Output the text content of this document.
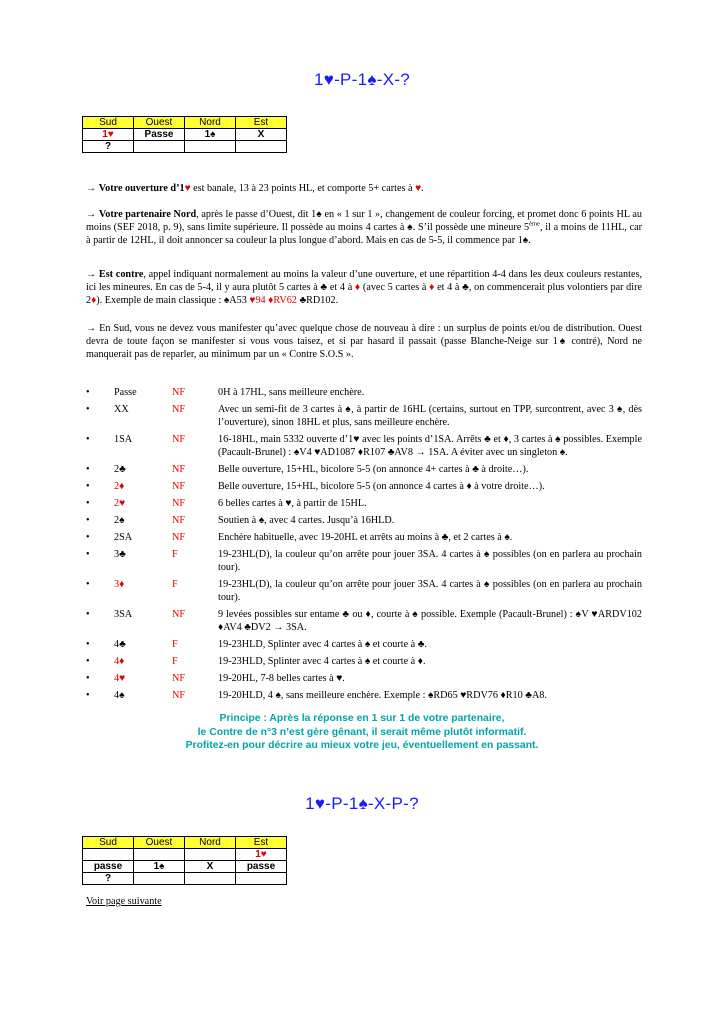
1♥-P-1♠-X-?
Sud	Ouest	Nord	Est
1♥	Passe	1♠	X
?			
→ Votre ouverture d’1♥ est banale, 13 à 23 points HL, et comporte 5+ cartes à ♥.
→ Votre partenaire Nord, après le passe d’Ouest, dit 1♠ en « 1 sur 1 », changement de couleur forcing, et promet donc 6 points HL au moins (SEF 2018, p. 9), sans limite supérieure. Il possède au moins 4 cartes à ♠. S’il possède une mineure 5ème, il a moins de 11HL, car à partir de 12HL, il doit annoncer sa couleur la plus longue d’abord. Mais en cas de 5-5, il commence par 1♠.
→ Est contre, appel indiquant normalement au moins la valeur d’une ouverture, et une répartition 4-4 dans les deux couleurs restantes, ici les mineures. En cas de 5-4, il y aura plutôt 5 cartes à ♣ et 4 à ♦ (avec 5 cartes à ♦ et 4 à ♣, on commencerait plus volontiers par dire 2♦). Exemple de main classique : ♠A53 ♥94 ♦RV62 ♣RD102.
→ En Sud, vous ne devez vous manifester qu’avec quelque chose de nouveau à dire : un surplus de points et/ou de distribution. Ouest devra de toute façon se manifester si vous vous taisez, et si par hasard il passait (passe Blanche-Neige sur 1♠ contré), Nord ne manquerait pas de reparler, au minimum par un « Contre S.O.S ».
• Passe	NF	0H à 17HL, sans meilleure enchère.
• XX	NF	Avec un semi-fit de 3 cartes à ♠, à partir de 16HL (certains, surtout en TPP, surcontrent, avec 3 ♠, dès l’ouverture), sinon 18HL et plus, sans meilleure enchère.
• 1SA	NF	16-18HL, main 5332 ouverte d’1♥ avec les points d’1SA. Arrêts ♣ et ♦, 3 cartes à ♠ possibles. Exemple (Pacault-Brunel) : ♠V4 ♥AD1087 ♦R107 ♣AV8 → 1SA. A éviter avec un singleton ♠.
• 2♣	NF	Belle ouverture, 15+HL, bicolore 5-5 (on annonce 4+ cartes à ♣ à droite…).
• 2♦	NF	Belle ouverture, 15+HL, bicolore 5-5 (on annonce 4 cartes à ♦ à votre droite…).
• 2♥	NF	6 belles cartes à ♥, à partir de 15HL.
• 2♠	NF	Soutien à ♠, avec 4 cartes. Jusqu’à 16HLD.
• 2SA	NF	Enchère habituelle, avec 19-20HL et arrêts au moins à ♣, et 2 cartes à ♠.
• 3♣	F	19-23HL(D), la couleur qu’on arrête pour jouer 3SA. 4 cartes à ♠ possibles (on en parlera au prochain tour).
• 3♦	F	19-23HL(D), la couleur qu’on arrête pour jouer 3SA. 4 cartes à ♠ possibles (on en parlera au prochain tour).
• 3SA	NF	9 levées possibles sur entame ♣ ou ♦, courte à ♠ possible. Exemple (Pacault-Brunel) : ♠V ♥ARDV102 ♦AV4 ♣DV2 → 3SA.
• 4♣	F	19-23HLD, Splinter avec 4 cartes à ♠ et courte à ♣.
• 4♦	F	19-23HLD, Splinter avec 4 cartes à ♠ et courte à ♦.
• 4♥	NF	19-20HL, 7-8 belles cartes à ♥.
• 4♠	NF	19-20HLD, 4 ♠, sans meilleure enchère. Exemple : ♠RD65 ♥RDV76 ♦R10 ♣A8.
Principe : Après la réponse en 1 sur 1 de votre partenaire,
le Contre de n°3 n’est gère gênant, il serait même plutôt informatif.
Profitez-en pour décrire au mieux votre jeu, éventuellement en passant.
1♥-P-1♠-X-P-?
Sud	Ouest	Nord	Est
			1♥
passe	1♠	X	passe
?			
Voir page suivante
